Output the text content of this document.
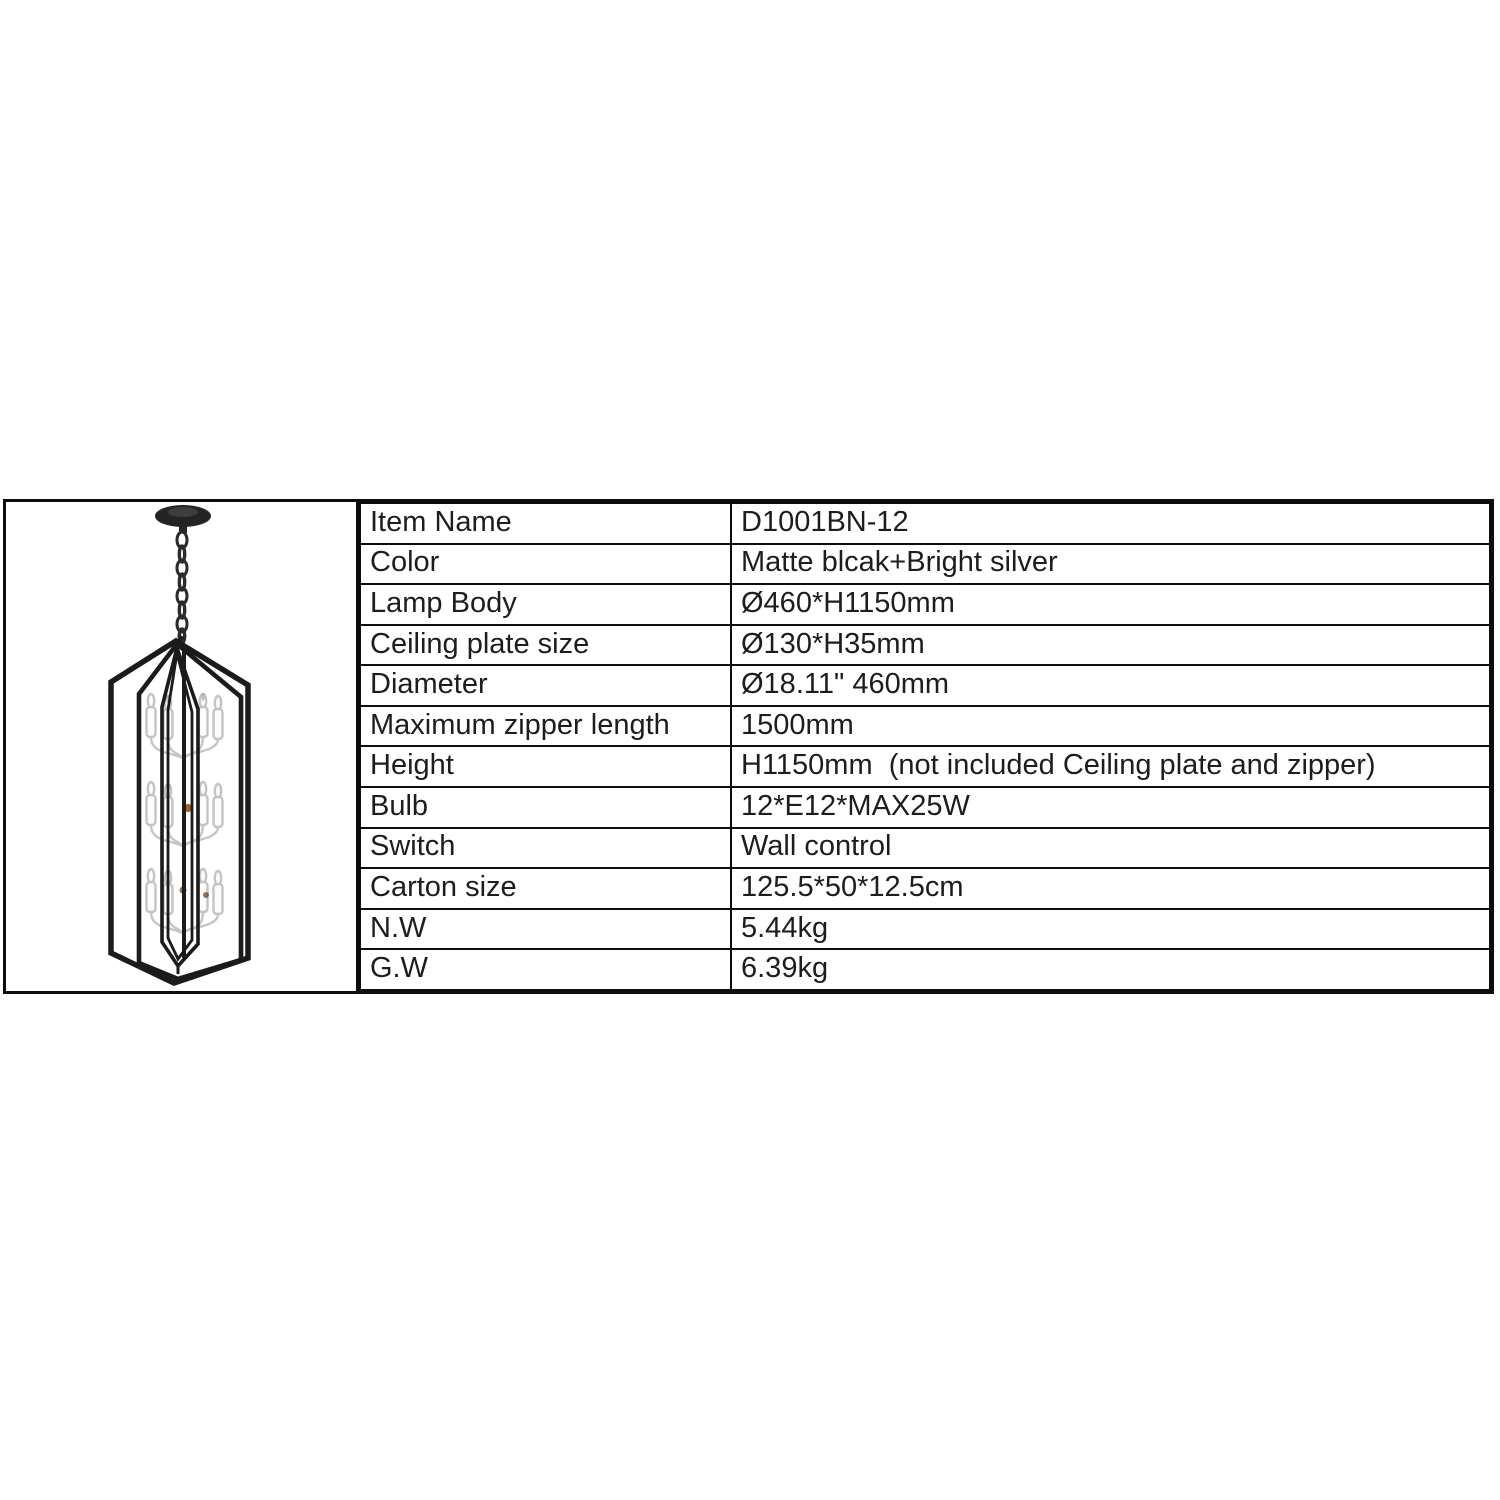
Item Name	D1001BN-12
Color	Matte blcak+Bright silver
Lamp Body	Ø460*H1150mm
Ceiling plate size	Ø130*H35mm
Diameter	Ø18.11" 460mm
Maximum zipper length	1500mm
Height	H1150mm  (not included Ceiling plate and zipper)
Bulb	12*E12*MAX25W
Switch	Wall control
Carton size	125.5*50*12.5cm
N.W	5.44kg
G.W	6.39kg
